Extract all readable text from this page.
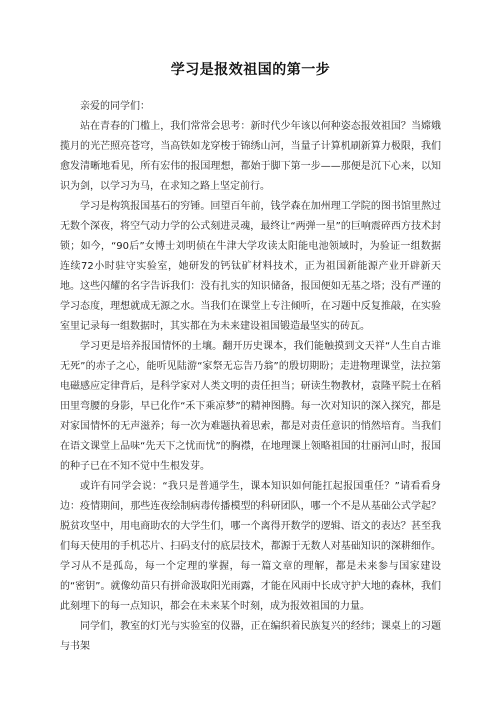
学习是报效祖国的第一步

亲爱的同学们：

站在青春的门槛上，我们常常会思考：新时代少年该以何种姿态报效祖国？当嫦娥揽月的光芒照亮苍穹，当高铁如龙穿梭于锦绣山河，当量子计算机刷新算力极限，我们愈发清晰地看见，所有宏伟的报国理想，都始于脚下第一步——那便是沉下心来，以知识为剑，以学习为马，在求知之路上坚定前行。

学习是构筑报国基石的穷锤。回望百年前，钱学森在加州理工学院的图书馆里熬过无数个深夜，将空气动力学的公式刻进灵魂，最终让“两弹一星”的巨响震碎西方技术封锁；如今，“90后”女博士刘明侦在牛津大学攻读太阳能电池领域时，为验证一组数据连续72小时驻守实验室，她研发的钙钛矿材料技术，正为祖国新能源产业开辟新天地。这些闪耀的名字告诉我们：没有扎实的知识储备，报国便如无基之塔；没有严谨的学习态度，理想就成无源之水。当我们在课堂上专注倾听，在习题中反复推敲，在实验室里记录每一组数据时，其实都在为未来建设祖国锻造最坚实的砖瓦。

学习更是培养报国情怀的土壤。翻开历史课本，我们能触摸到文天祥“人生自古谁无死”的赤子之心，能听见陆游“家祭无忘告乃翁”的殷切期盼；走进物理课堂，法拉第电磁感应定律背后，是科学家对人类文明的责任担当；研读生物教材，袁隆平院士在稻田里弯腰的身影，早已化作“禾下乘凉梦”的精神图腾。每一次对知识的深入探究，都是对家国情怀的无声滋养；每一次为难题执着思索，都是对责任意识的悄然培育。当我们在语文课堂上品味“先天下之忧而忧”的胸襟，在地理课上领略祖国的壮丽河山时，报国的种子已在不知不觉中生根发芽。

或许有同学会说：“我只是普通学生，课本知识如何能扛起报国重任？”请看看身边：疫情期间，那些连夜绘制病毒传播模型的科研团队，哪一个不是从基础公式学起？脱贫攻坚中，用电商助农的大学生们，哪一个离得开数学的逻辑、语文的表达？甚至我们每天使用的手机芯片、扫码支付的底层技术，都源于无数人对基础知识的深耕细作。学习从不是孤岛，每一个定理的掌握，每一篇文章的理解，都是未来参与国家建设的“密钥”。就像幼苗只有拼命汲取阳光雨露，才能在风雨中长成守护大地的森林，我们此刻埋下的每一点知识，都会在未来某个时刻，成为报效祖国的力量。

同学们，教室的灯光与实验室的仪器，正在编织着民族复兴的经纬；课桌上的习题与书架
